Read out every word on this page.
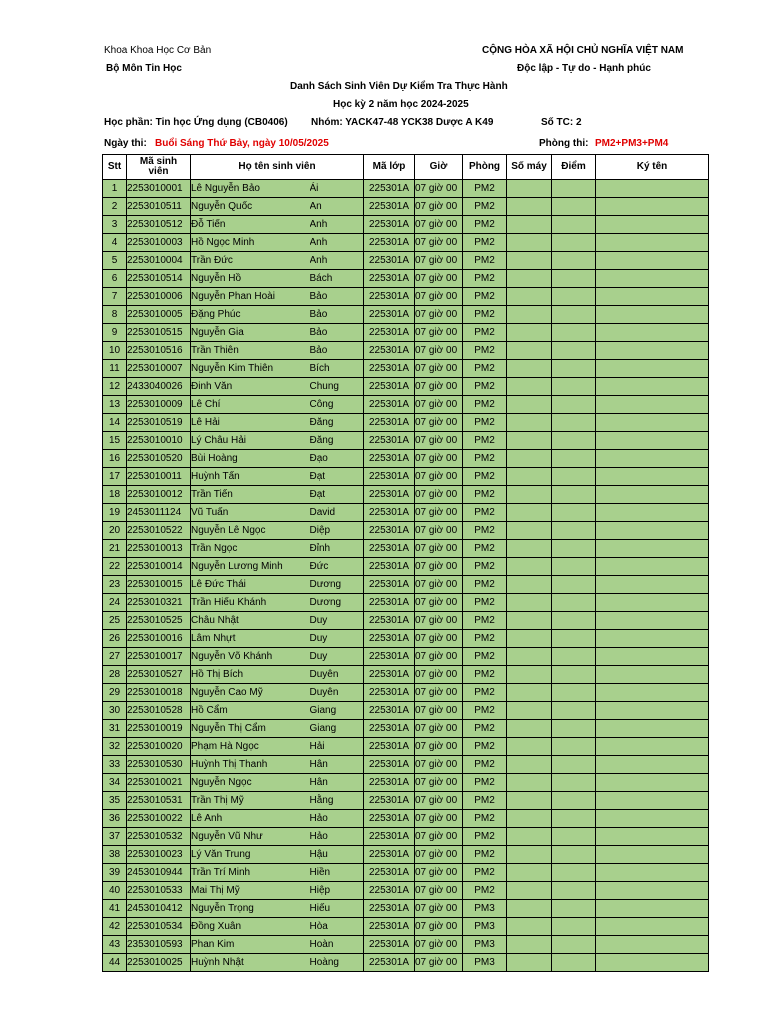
Khoa Khoa Học Cơ Bản
Bộ Môn Tin Học
CỘNG HÒA XÃ HỘI CHỦ NGHĨA VIỆT NAM
Độc lập - Tự do - Hạnh phúc
Danh Sách Sinh Viên Dự Kiểm Tra Thực Hành
Học kỳ 2 năm học 2024-2025
Học phần: Tin học Ứng dụng (CB0406) Nhóm: YACK47-48 YCK38 Dược A K49	Số TC: 2
Ngày thi: Buổi Sáng Thứ Bảy, ngày 10/05/2025	Phòng thi: PM2+PM3+PM4
Stt	Mã sinh viên	Họ tên sinh viên		Mã lớp	Giờ	Phòng	Số máy	Điểm	Ký tên
1	2253010001	Lê Nguyễn Bảo	Ái	225301A	07 giờ 00	PM2			
2	2253010511	Nguyễn Quốc	An	225301A	07 giờ 00	PM2			
3	2253010512	Đỗ Tiến	Anh	225301A	07 giờ 00	PM2			
4	2253010003	Hồ Ngọc Minh	Anh	225301A	07 giờ 00	PM2			
5	2253010004	Trần Đức	Anh	225301A	07 giờ 00	PM2			
6	2253010514	Nguyễn Hồ	Bách	225301A	07 giờ 00	PM2			
7	2253010006	Nguyễn Phan Hoài	Bảo	225301A	07 giờ 00	PM2			
8	2253010005	Đặng Phúc	Bảo	225301A	07 giờ 00	PM2			
9	2253010515	Nguyễn Gia	Bảo	225301A	07 giờ 00	PM2			
10	2253010516	Trần Thiên	Bảo	225301A	07 giờ 00	PM2			
11	2253010007	Nguyễn Kim Thiên	Bích	225301A	07 giờ 00	PM2			
12	2433040026	Đinh Văn	Chung	225301A	07 giờ 00	PM2			
13	2253010009	Lê Chí	Công	225301A	07 giờ 00	PM2			
14	2253010519	Lê Hải	Đăng	225301A	07 giờ 00	PM2			
15	2253010010	Lý Châu Hải	Đăng	225301A	07 giờ 00	PM2			
16	2253010520	Bùi Hoàng	Đạo	225301A	07 giờ 00	PM2			
17	2253010011	Huỳnh Tấn	Đạt	225301A	07 giờ 00	PM2			
18	2253010012	Trần Tiến	Đạt	225301A	07 giờ 00	PM2			
19	2453011124	Vũ Tuấn	David	225301A	07 giờ 00	PM2			
20	2253010522	Nguyễn Lê Ngọc	Diệp	225301A	07 giờ 00	PM2			
21	2253010013	Trần Ngọc	Đỉnh	225301A	07 giờ 00	PM2			
22	2253010014	Nguyễn Lương Minh	Đức	225301A	07 giờ 00	PM2			
23	2253010015	Lê Đức Thái	Dương	225301A	07 giờ 00	PM2			
24	2253010321	Trần Hiếu Khánh	Dương	225301A	07 giờ 00	PM2			
25	2253010525	Châu Nhật	Duy	225301A	07 giờ 00	PM2			
26	2253010016	Lâm Nhựt	Duy	225301A	07 giờ 00	PM2			
27	2253010017	Nguyễn Võ Khánh	Duy	225301A	07 giờ 00	PM2			
28	2253010527	Hồ Thị Bích	Duyên	225301A	07 giờ 00	PM2			
29	2253010018	Nguyễn Cao Mỹ	Duyên	225301A	07 giờ 00	PM2			
30	2253010528	Hồ Cẩm	Giang	225301A	07 giờ 00	PM2			
31	2253010019	Nguyễn Thị Cẩm	Giang	225301A	07 giờ 00	PM2			
32	2253010020	Phạm Hà Ngọc	Hải	225301A	07 giờ 00	PM2			
33	2253010530	Huỳnh Thị Thanh	Hân	225301A	07 giờ 00	PM2			
34	2253010021	Nguyễn Ngọc	Hân	225301A	07 giờ 00	PM2			
35	2253010531	Trần Thị Mỹ	Hằng	225301A	07 giờ 00	PM2			
36	2253010022	Lê Anh	Hảo	225301A	07 giờ 00	PM2			
37	2253010532	Nguyễn Vũ Như	Hảo	225301A	07 giờ 00	PM2			
38	2253010023	Lý Văn Trung	Hậu	225301A	07 giờ 00	PM2			
39	2453010944	Trần Trí Minh	Hiền	225301A	07 giờ 00	PM2			
40	2253010533	Mai Thị Mỹ	Hiệp	225301A	07 giờ 00	PM2			
41	2453010412	Nguyễn Trọng	Hiếu	225301A	07 giờ 00	PM3			
42	2253010534	Đồng Xuân	Hòa	225301A	07 giờ 00	PM3			
43	2353010593	Phan Kim	Hoàn	225301A	07 giờ 00	PM3			
44	2253010025	Huỳnh Nhật	Hoàng	225301A	07 giờ 00	PM3			
